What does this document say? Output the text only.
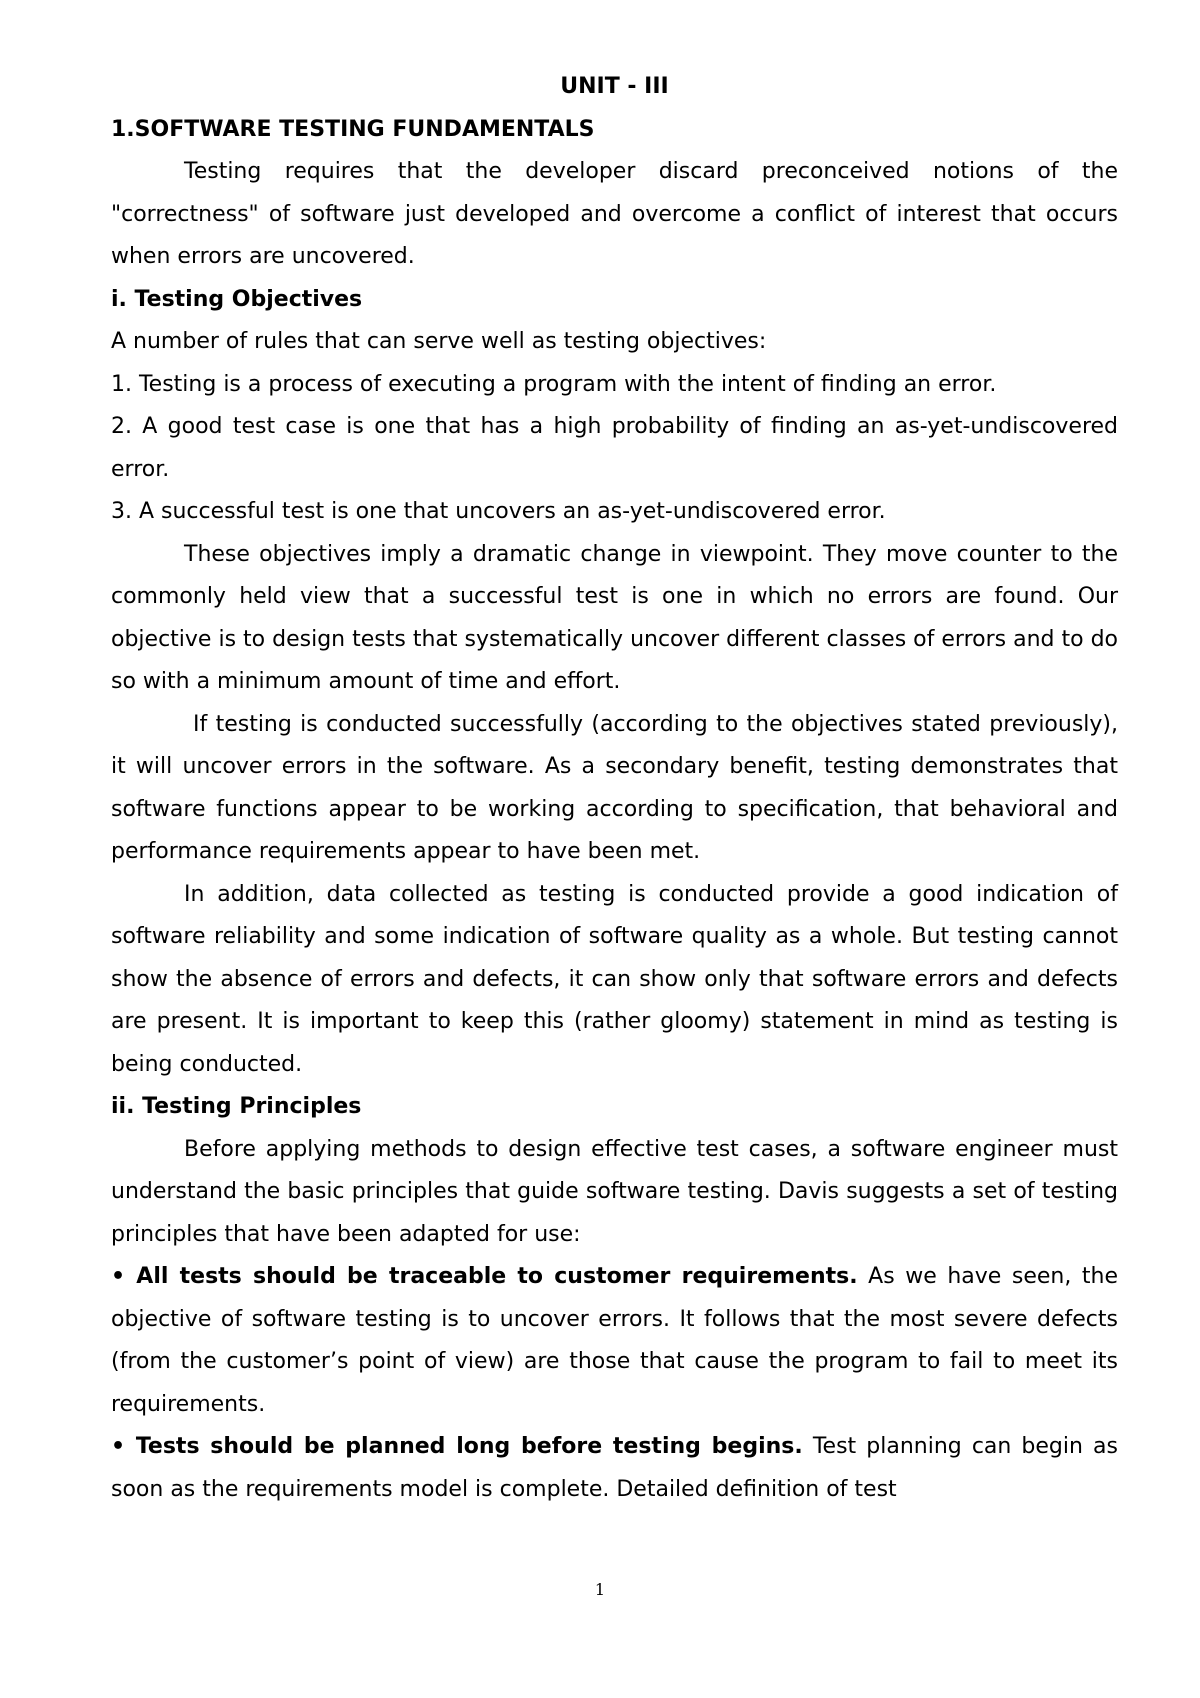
UNIT - III

1.SOFTWARE TESTING FUNDAMENTALS

Testing requires that the developer discard preconceived notions of the "correctness" of software just developed and overcome a conflict of interest that occurs when errors are uncovered.

i. Testing Objectives

A number of rules that can serve well as testing objectives:

1. Testing is a process of executing a program with the intent of finding an error.

2. A good test case is one that has a high probability of finding an as-yet-undiscovered error.

3. A successful test is one that uncovers an as-yet-undiscovered error.

These objectives imply a dramatic change in viewpoint. They move counter to the commonly held view that a successful test is one in which no errors are found. Our objective is to design tests that systematically uncover different classes of errors and to do so with a minimum amount of time and effort.

If testing is conducted successfully (according to the objectives stated previously), it will uncover errors in the software. As a secondary benefit, testing demonstrates that software functions appear to be working according to specification, that behavioral and performance requirements appear to have been met.

In addition, data collected as testing is conducted provide a good indication of software reliability and some indication of software quality as a whole. But testing cannot show the absence of errors and defects, it can show only that software errors and defects are present. It is important to keep this (rather gloomy) statement in mind as testing is being conducted.

ii. Testing Principles

Before applying methods to design effective test cases, a software engineer must understand the basic principles that guide software testing. Davis suggests a set of testing principles that have been adapted for use:

• All tests should be traceable to customer requirements. As we have seen, the objective of software testing is to uncover errors. It follows that the most severe defects (from the customer’s point of view) are those that cause the program to fail to meet its requirements.

• Tests should be planned long before testing begins. Test planning can begin as soon as the requirements model is complete. Detailed definition of test

1
